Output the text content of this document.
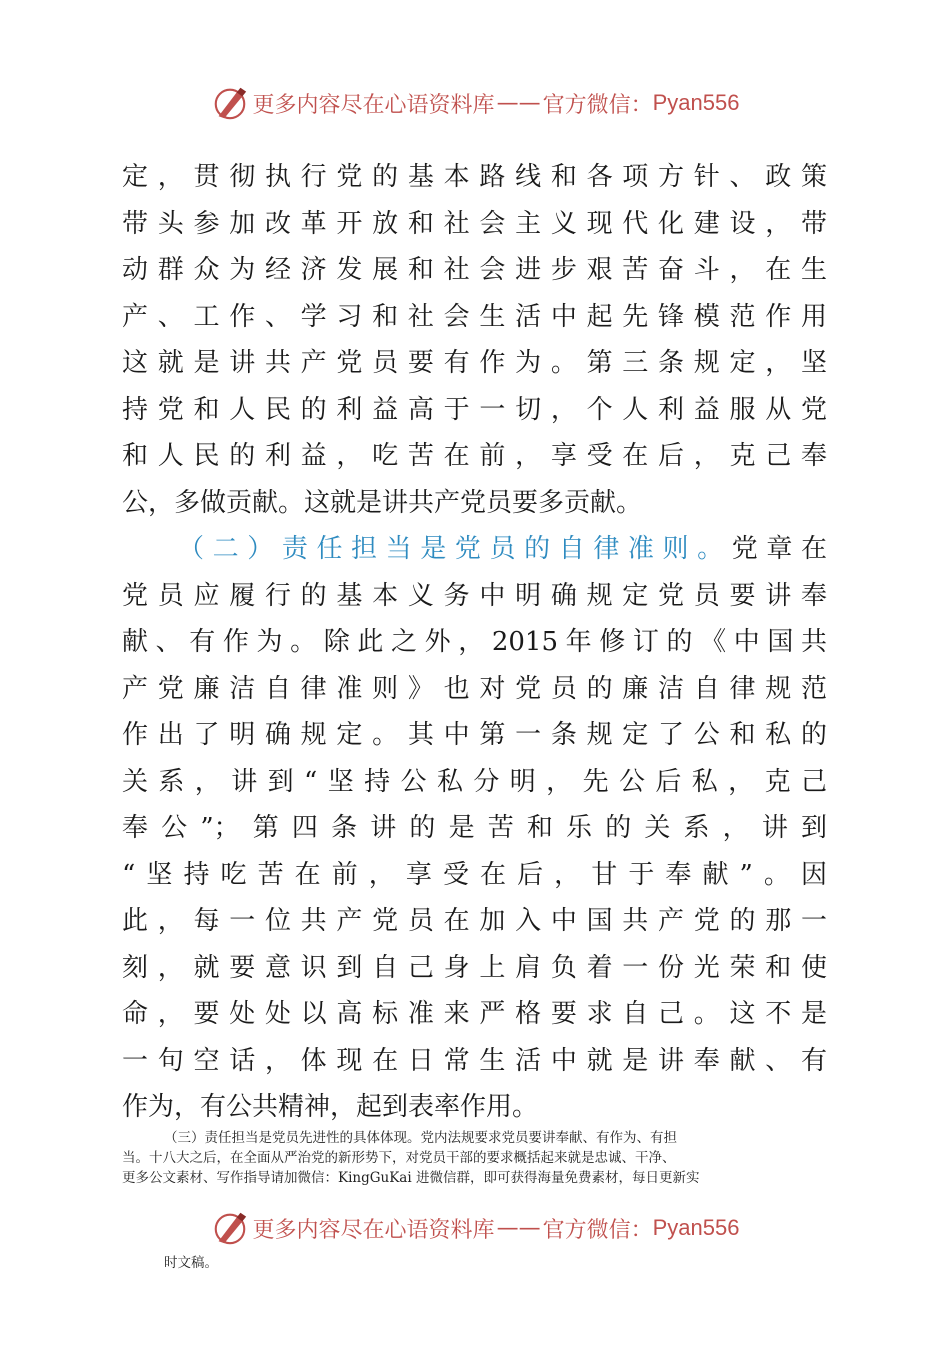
更多内容尽在心语资料库 —— 官方微信： Pyan556
定，贯彻执行党的基本路线和各项方针、政策
带头参加改革开放和社会主义现代化建设，带
动群众为经济发展和社会进步艰苦奋斗，在生
产、工作、学习和社会生活中起先锋模范作用
这就是讲共产党员要有作为。第三条规定，坚
持党和人民的利益高于一切，个人利益服从党
和人民的利益，吃苦在前，享受在后，克己奉
公，多做贡献。这就是讲共产党员要多贡献。
（二）责任担当是党员的自律准则。党章在
党员应履行的基本义务中明确规定党员要讲奉
献、有作为。除此之外，2015年修订的《中国共
产党廉洁自律准则》也对党员的廉洁自律规范
作出了明确规定。其中第一条规定了公和私的
关系，讲到“坚持公私分明，先公后私，克己
奉公”；第四条讲的是苦和乐的关系，讲到
“坚持吃苦在前，享受在后，甘于奉献”。因
此，每一位共产党员在加入中国共产党的那一
刻，就要意识到自己身上肩负着一份光荣和使
命，要处处以高标准来严格要求自己。这不是
一句空话，体现在日常生活中就是讲奉献、有
作为，有公共精神，起到表率作用。

（三）责任担当是党员先进性的具体体现。党内法规要求党员要讲奉献、有作为、有担

当。十八大之后，在全面从严治党的新形势下，对党员干部的要求概括起来就是忠诚、干净、

更多公文素材、写作指导请加微信：KingGuKai 进微信群，即可获得海量免费素材，每日更新实

更多内容尽在心语资料库 —— 官方微信： Pyan556
时文稿。
